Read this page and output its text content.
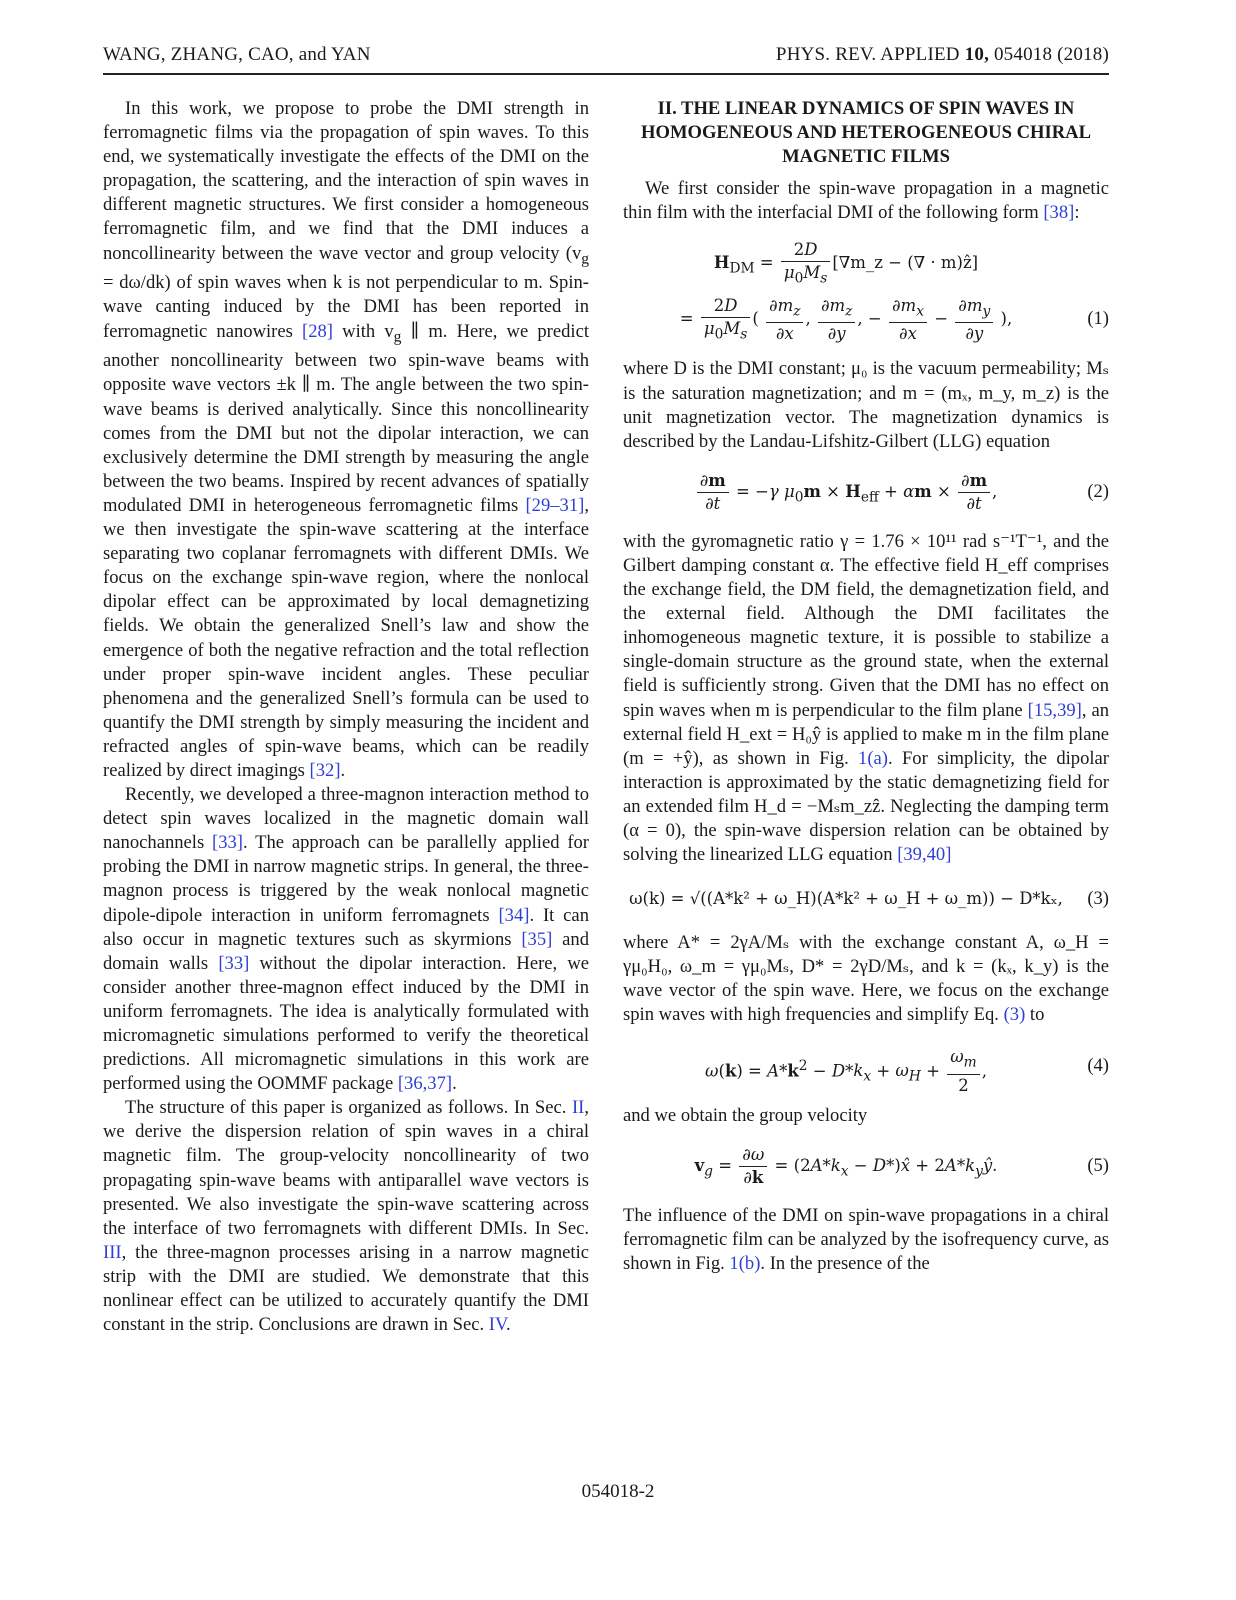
WANG, ZHANG, CAO, and YAN	PHYS. REV. APPLIED 10, 054018 (2018)

In this work, we propose to probe the DMI strength in ferromagnetic films via the propagation of spin waves. To this end, we systematically investigate the effects of the DMI on the propagation, the scattering, and the interaction of spin waves in different magnetic structures. We first consider a homogeneous ferromagnetic film, and we find that the DMI induces a noncollinearity between the wave vector and group velocity $(v_g = d\omega/dk)$ of spin waves when k is not perpendicular to m. Spin-wave canting induced by the DMI has been reported in ferromagnetic nanowires [28] with $v_g$ ∥ m. Here, we predict another noncollinearity between two spin-wave beams with opposite wave vectors ±k ∥ m. The angle between the two spin-wave beams is derived analytically. Since this noncollinearity comes from the DMI but not the dipolar interaction, we can exclusively determine the DMI strength by measuring the angle between the two beams. Inspired by recent advances of spatially modulated DMI in heterogeneous ferromagnetic films [29–31], we then investigate the spin-wave scattering at the interface separating two coplanar ferromagnets with different DMIs. We focus on the exchange spin-wave region, where the nonlocal dipolar effect can be approximated by local demagnetizing fields. We obtain the generalized Snell’s law and show the emergence of both the negative refraction and the total reflection under proper spin-wave incident angles. These peculiar phenomena and the generalized Snell’s formula can be used to quantify the DMI strength by simply measuring the incident and refracted angles of spin-wave beams, which can be readily realized by direct imagings [32].

Recently, we developed a three-magnon interaction method to detect spin waves localized in the magnetic domain wall nanochannels [33]. The approach can be parallelly applied for probing the DMI in narrow magnetic strips. In general, the three-magnon process is triggered by the weak nonlocal magnetic dipole-dipole interaction in uniform ferromagnets [34]. It can also occur in magnetic textures such as skyrmions [35] and domain walls [33] without the dipolar interaction. Here, we consider another three-magnon effect induced by the DMI in uniform ferromagnets. The idea is analytically formulated with micromagnetic simulations performed to verify the theoretical predictions. All micromagnetic simulations in this work are performed using the OOMMF package [36,37].

The structure of this paper is organized as follows. In Sec. II, we derive the dispersion relation of spin waves in a chiral magnetic film. The group-velocity noncollinearity of two propagating spin-wave beams with antiparallel wave vectors is presented. We also investigate the spin-wave scattering across the interface of two ferromagnets with different DMIs. In Sec. III, the three-magnon processes arising in a narrow magnetic strip with the DMI are studied. We demonstrate that this nonlinear effect can be utilized to accurately quantify the DMI constant in the strip. Conclusions are drawn in Sec. IV.

II. THE LINEAR DYNAMICS OF SPIN WAVES IN HOMOGENEOUS AND HETEROGENEOUS CHIRAL MAGNETIC FILMS

We first consider the spin-wave propagation in a magnetic thin film with the interfacial DMI of the following form [38]:

$H_{DM} = \frac{2D}{\mu_0M_s}$ [∇m_z − (∇ · m)ẑ]
= $\frac{2D}{\mu_0M_s}$ ( $\frac{\partial m_z}{\partial x}$ , $\frac{\partial m_z}{\partial y}$ , − $\frac{\partial m_x}{\partial x} - \frac{\partial m_y}{\partial y}$ ),	(1)

where D is the DMI constant; μ₀ is the vacuum permeability; Mₛ is the saturation magnetization; and m = (mₓ, m_y, m_z) is the unit magnetization vector. The magnetization dynamics is described by the Landau-Lifshitz-Gilbert (LLG) equation

$\frac{\partial m}{\partial t} = -\gamma$ $\mu_0m \times H_{eff} + \alpha m \times \frac{\partial m}{\partial t}$ ,	(2)

with the gyromagnetic ratio γ = 1.76 × 10¹¹ rad s⁻¹T⁻¹, and the Gilbert damping constant α. The effective field H_eff comprises the exchange field, the DM field, the demagnetization field, and the external field. Although the DMI facilitates the inhomogeneous magnetic texture, it is possible to stabilize a single-domain structure as the ground state, when the external field is sufficiently strong. Given that the DMI has no effect on spin waves when m is perpendicular to the film plane [15,39], an external field H_ext = H₀ŷ is applied to make m in the film plane (m = +ŷ), as shown in Fig. 1(a). For simplicity, the dipolar interaction is approximated by the static demagnetizing field for an extended film H_d = −Mₛm_zẑ. Neglecting the damping term (α = 0), the spin-wave dispersion relation can be obtained by solving the linearized LLG equation [39,40]

ω(k) = √((A*k² + ω_H)(A*k² + ω_H + ω_m)) − D*kₓ,	(3)

where A* = 2γA/Mₛ with the exchange constant A, ω_H = γμ₀H₀, ω_m = γμ₀Mₛ, D* = 2γD/Mₛ, and k = (kₓ, k_y) is the wave vector of the spin wave. Here, we focus on the exchange spin waves with high frequencies and simplify Eq. (3) to

$\omega(k) = A*k^2 - D*k_x + \omega_H + \frac{\omega_m}{2}$ ,	(4)

and we obtain the group velocity

$v_g = \frac{\partial\omega}{\partial k} = (2A*k_x$ − D*)x̂ + $2A*k_yŷ$.	(5)

The influence of the DMI on spin-wave propagations in a chiral ferromagnetic film can be analyzed by the isofrequency curve, as shown in Fig. 1(b). In the presence of the

054018-2
